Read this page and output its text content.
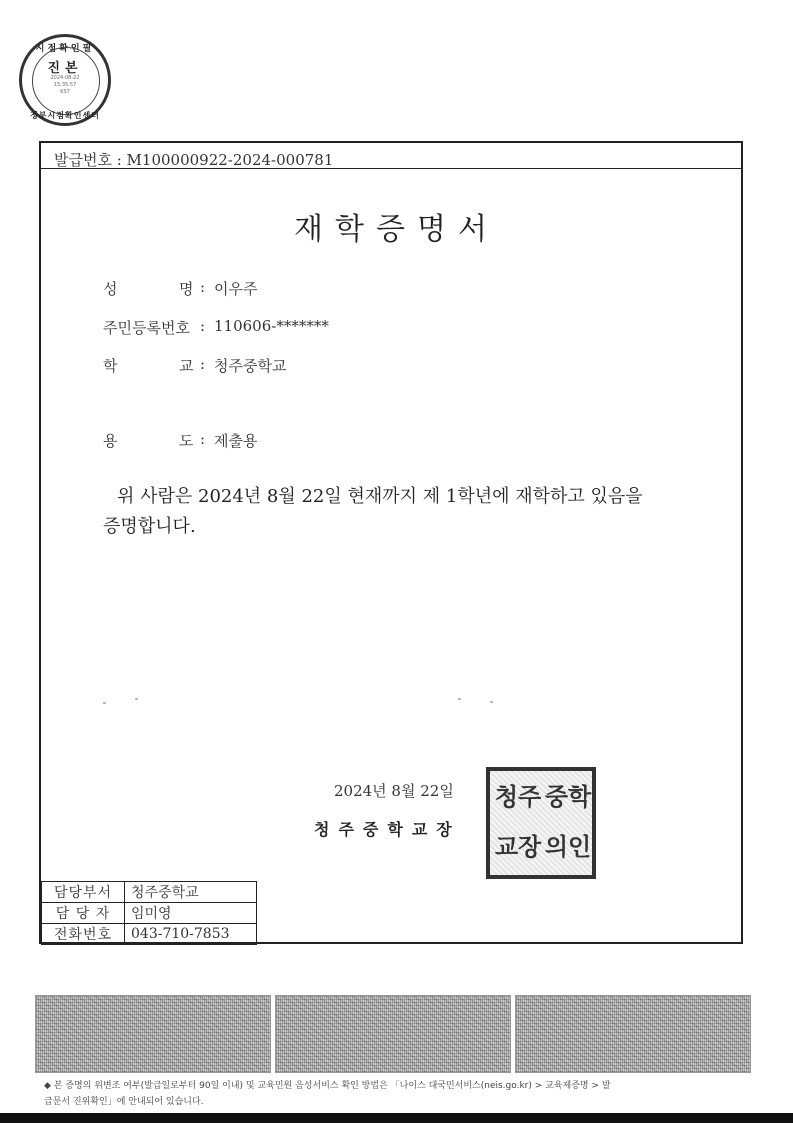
시점확인필
진본
2024-08-22
15:35:57
KST
정부시점확인센터
발급번호 : M100000922-2024-000781
재학증명서
성	명 : 이우주
주민등록번호 : 110606-*******
학	교 : 청주중학교
용	도 : 제출용
위 사람은 2024년 8월 22일 현재까지 제 1학년에 재학하고 있음을
증명합니다.
2024년 8월 22일
청주중학교장
청주 중학
교장 의인
담당부서	청주중학교
담 당 자	임미영
전화번호	043-710-7853
◆ 본 증명의 위변조 여부(발급일로부터 90일 이내) 및 교육민원 음성서비스 확인 방법은 「나이스 대국민서비스(neis.go.kr) > 교육제증명 > 발
급문서 진위확인」에 안내되어 있습니다.
